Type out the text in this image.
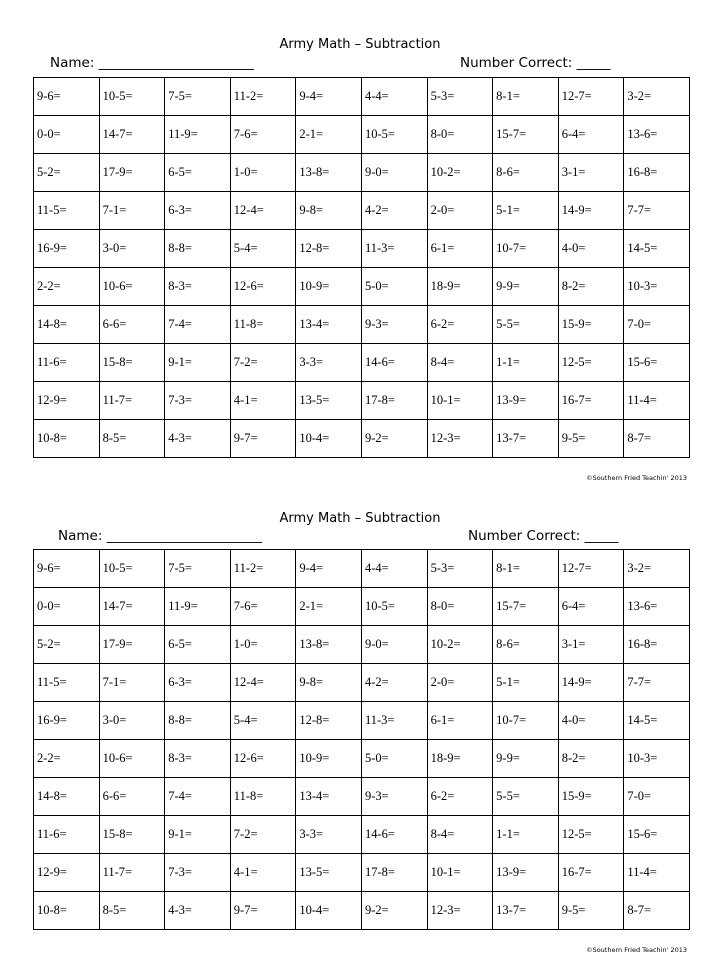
Army Math – Subtraction
Name: _______________________	Number Correct: _____
9-6=	10-5=	7-5=	11-2=	9-4=	4-4=	5-3=	8-1=	12-7=	3-2=
0-0=	14-7=	11-9=	7-6=	2-1=	10-5=	8-0=	15-7=	6-4=	13-6=
5-2=	17-9=	6-5=	1-0=	13-8=	9-0=	10-2=	8-6=	3-1=	16-8=
11-5=	7-1=	6-3=	12-4=	9-8=	4-2=	2-0=	5-1=	14-9=	7-7=
16-9=	3-0=	8-8=	5-4=	12-8=	11-3=	6-1=	10-7=	4-0=	14-5=
2-2=	10-6=	8-3=	12-6=	10-9=	5-0=	18-9=	9-9=	8-2=	10-3=
14-8=	6-6=	7-4=	11-8=	13-4=	9-3=	6-2=	5-5=	15-9=	7-0=
11-6=	15-8=	9-1=	7-2=	3-3=	14-6=	8-4=	1-1=	12-5=	15-6=
12-9=	11-7=	7-3=	4-1=	13-5=	17-8=	10-1=	13-9=	16-7=	11-4=
10-8=	8-5=	4-3=	9-7=	10-4=	9-2=	12-3=	13-7=	9-5=	8-7=
©Southern Fried Teachin' 2013
Army Math – Subtraction
Name: _______________________	Number Correct: _____
9-6=	10-5=	7-5=	11-2=	9-4=	4-4=	5-3=	8-1=	12-7=	3-2=
0-0=	14-7=	11-9=	7-6=	2-1=	10-5=	8-0=	15-7=	6-4=	13-6=
5-2=	17-9=	6-5=	1-0=	13-8=	9-0=	10-2=	8-6=	3-1=	16-8=
11-5=	7-1=	6-3=	12-4=	9-8=	4-2=	2-0=	5-1=	14-9=	7-7=
16-9=	3-0=	8-8=	5-4=	12-8=	11-3=	6-1=	10-7=	4-0=	14-5=
2-2=	10-6=	8-3=	12-6=	10-9=	5-0=	18-9=	9-9=	8-2=	10-3=
14-8=	6-6=	7-4=	11-8=	13-4=	9-3=	6-2=	5-5=	15-9=	7-0=
11-6=	15-8=	9-1=	7-2=	3-3=	14-6=	8-4=	1-1=	12-5=	15-6=
12-9=	11-7=	7-3=	4-1=	13-5=	17-8=	10-1=	13-9=	16-7=	11-4=
10-8=	8-5=	4-3=	9-7=	10-4=	9-2=	12-3=	13-7=	9-5=	8-7=
©Southern Fried Teachin' 2013
